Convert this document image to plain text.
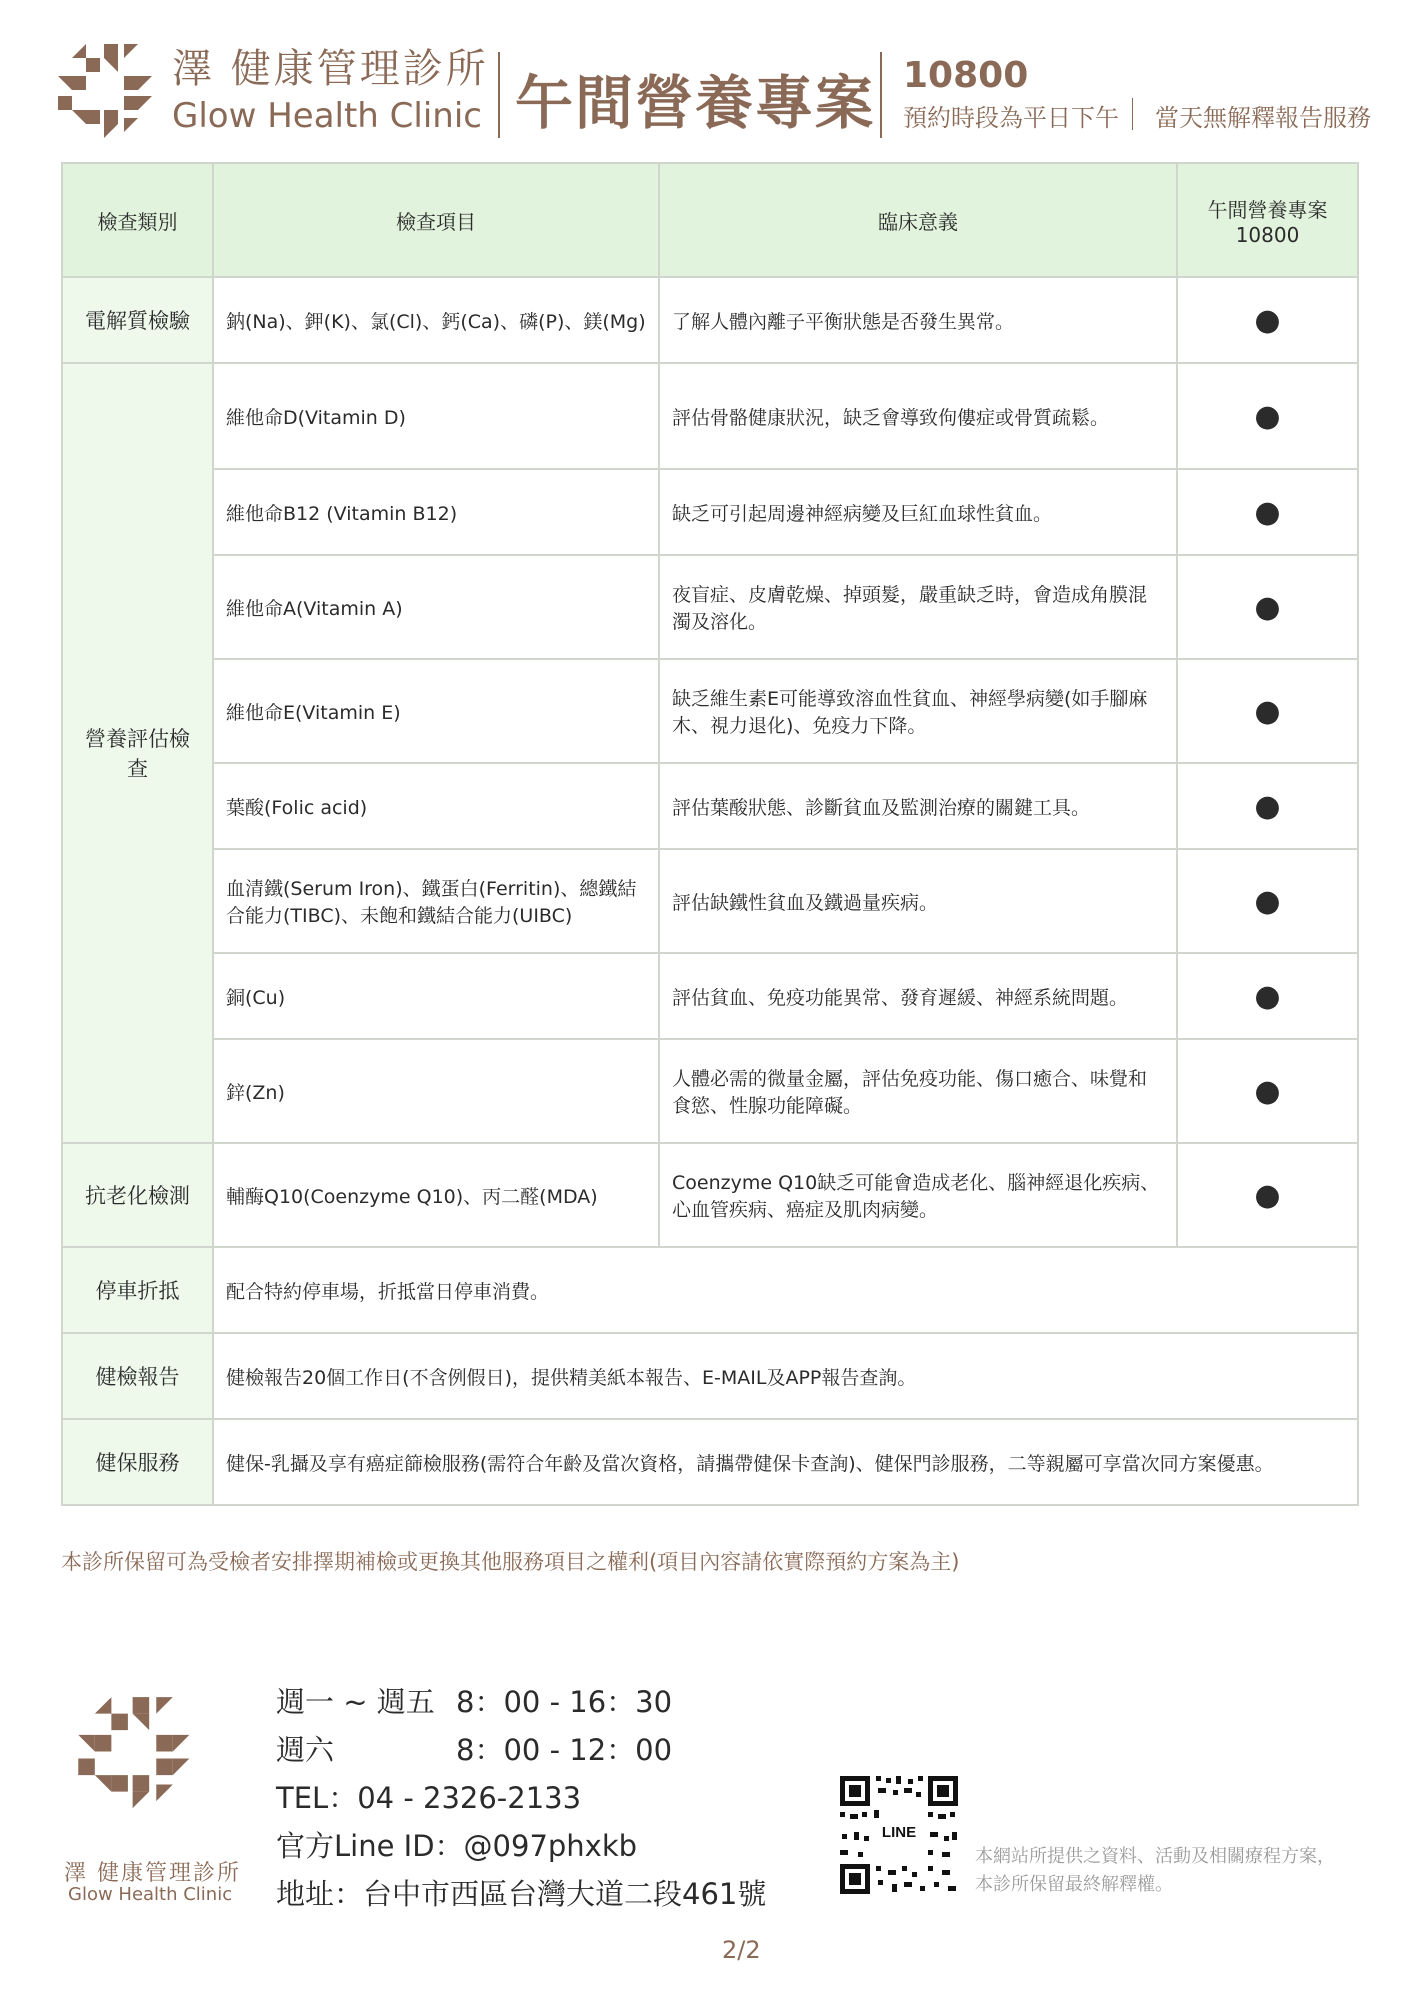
澤 健康管理診所
Glow Health Clinic 午間營養專案 10800
預約時段為平日下午 當天無解釋報告服務
檢查類別	檢查項目	臨床意義	午間營養專案
10800

電解質檢驗	鈉(Na)、鉀(K)、氯(Cl)、鈣(Ca)、磷(P)、鎂(Mg)	了解人體內離子平衡狀態是否發生異常。	●
營養評估檢查	維他命D(Vitamin D)	評估骨骼健康狀況，缺乏會導致佝僂症或骨質疏鬆。	●
	維他命B12 (Vitamin B12)	缺乏可引起周邊神經病變及巨紅血球性貧血。	●
	維他命A(Vitamin A)	夜盲症、皮膚乾燥、掉頭髮，嚴重缺乏時，會造成角膜混濁及溶化。	●
	維他命E(Vitamin E)	缺乏維生素E可能導致溶血性貧血、神經學病變(如手腳麻木、視力退化)、免疫力下降。	●
	葉酸(Folic acid)	評估葉酸狀態、診斷貧血及監測治療的關鍵工具。	●
	血清鐵(Serum Iron)、鐵蛋白(Ferritin)、總鐵結合能力(TIBC)、未飽和鐵結合能力(UIBC)	評估缺鐵性貧血及鐵過量疾病。	●
	銅(Cu)	評估貧血、免疫功能異常、發育遲緩、神經系統問題。	●
	鋅(Zn)	人體必需的微量金屬，評估免疫功能、傷口癒合、味覺和食慾、性腺功能障礙。	●
抗老化檢測	輔酶Q10(Coenzyme Q10)、丙二醛(MDA)	Coenzyme Q10缺乏可能會造成老化、腦神經退化疾病、心血管疾病、癌症及肌肉病變。	●
停車折抵	配合特約停車場，折抵當日停車消費。		
健檢報告	健檢報告20個工作日(不含例假日)，提供精美紙本報告、E-MAIL及APP報告查詢。		
健保服務	健保-乳攝及享有癌症篩檢服務(需符合年齡及當次資格，請攜帶健保卡查詢)、健保門診服務，二等親屬可享當次同方案優惠。		
本診所保留可為受檢者安排擇期補檢或更換其他服務項目之權利(項目內容請依實際預約方案為主)
澤 健康管理診所
Glow Health Clinic
週一 ~ 週五 8：00 - 16：30
週六	8：00 - 12：00
TEL：04 - 2326-2133
官方Line ID：@097phxkb
地址：台中市西區台灣大道二段461號
LINE
本網站所提供之資料、活動及相關療程方案，
本診所保留最終解釋權。
2/2
